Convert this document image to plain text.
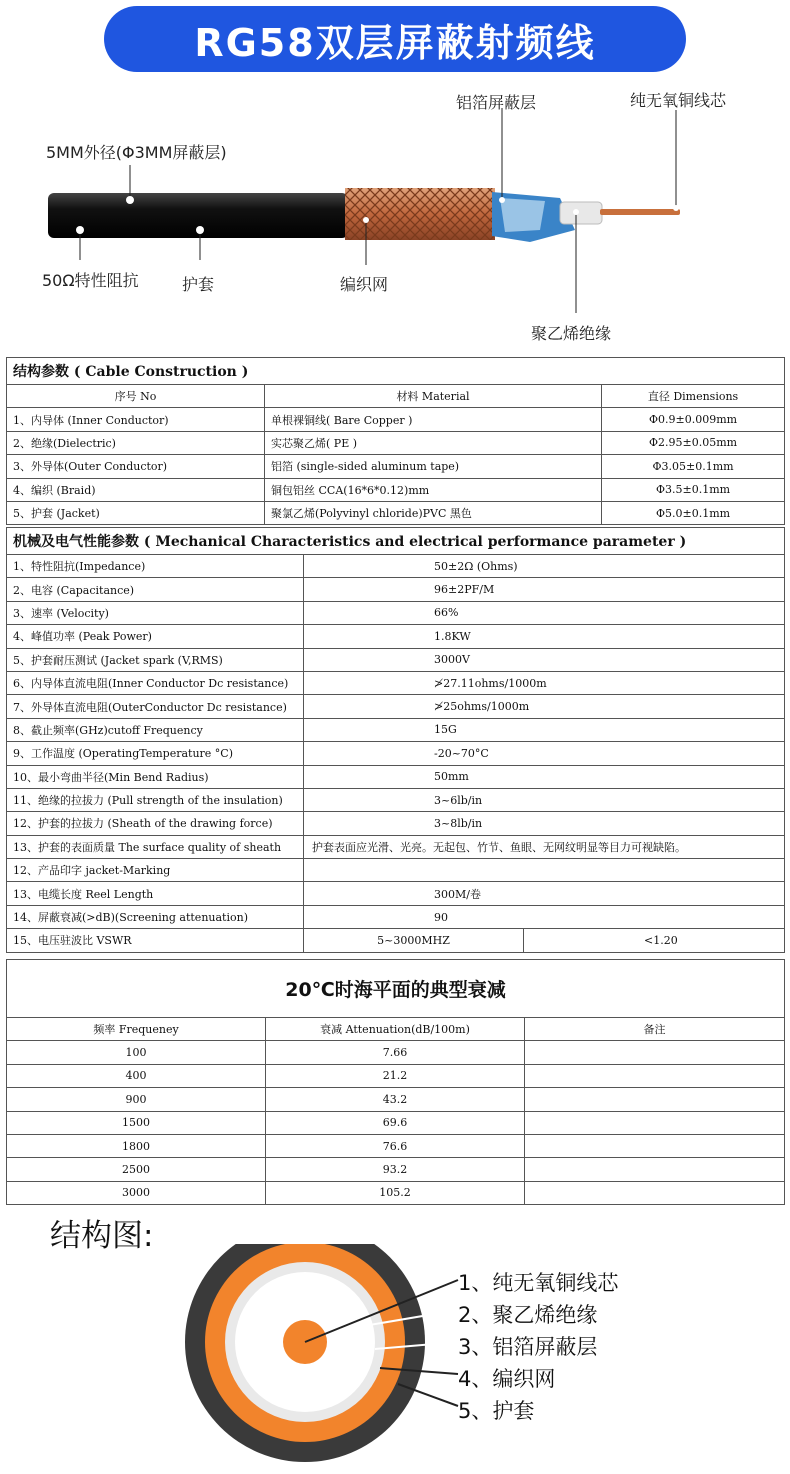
RG58双层屏蔽射频线
5MM外径(Φ3MM屏蔽层)
铝箔屏蔽层	纯无氧铜线芯
50Ω特性阻抗	护套	编织网
聚乙烯绝缘
结构参数 ( Cable Construction )		
序号 No	材料 Material	直径 Dimensions
1、内导体 (Inner Conductor)	单根裸铜线( Bare Copper )	Φ0.9±0.009mm
2、绝缘(Dielectric)	实芯聚乙烯( PE )	Φ2.95±0.05mm
3、外导体(Outer Conductor)	铝箔 (single-sided aluminum tape)	Φ3.05±0.1mm
4、编织 (Braid)	铜包铝丝 CCA(16*6*0.12)mm	Φ3.5±0.1mm
5、护套 (Jacket)	聚氯乙烯(Polyvinyl chloride)PVC 黑色	Φ5.0±0.1mm
机械及电气性能参数 ( Mechanical Characteristics and electrical performance parameter )		
1、特性阻抗(Impedance)	50±2Ω (Ohms)	
2、电容 (Capacitance)	96±2PF/M	
3、速率 (Velocity)	66%	
4、峰值功率 (Peak Power)	1.8KW	
5、护套耐压测试 (Jacket spark (V,RMS)	3000V	
6、内导体直流电阻(Inner Conductor Dc resistance)	≯27.11ohms/1000m	
7、外导体直流电阻(OuterConductor Dc resistance)	≯25ohms/1000m	
8、截止频率(GHz)cutoff Frequency	15G	
9、工作温度 (OperatingTemperature °C)	-20~70°C	
10、最小弯曲半径(Min Bend Radius)	50mm	
11、绝缘的拉拔力 (Pull strength of the insulation)	3~6lb/in	
12、护套的拉拔力 (Sheath of the drawing force)	3~8lb/in	
13、护套的表面质量 The surface quality of sheath	护套表面应光滑、光亮。无起包、竹节、鱼眼、无网纹明显等目力可视缺陷。	
12、产品印字 jacket-Marking		
13、电缆长度 Reel Length	300M/卷	
14、屏蔽衰减(>dB)(Screening attenuation)	90	
15、电压驻波比 VSWR	5~3000MHZ	<1.20
20℃时海平面的典型衰减		
频率 Frequeney	衰减 Attenuation(dB/100m)	备注
100	7.66	
400	21.2	
900	43.2	
1500	69.6	
1800	76.6	
2500	93.2	
3000	105.2	
结构图:
1、纯无氧铜线芯
2、聚乙烯绝缘
3、铝箔屏蔽层
4、编织网
5、护套
